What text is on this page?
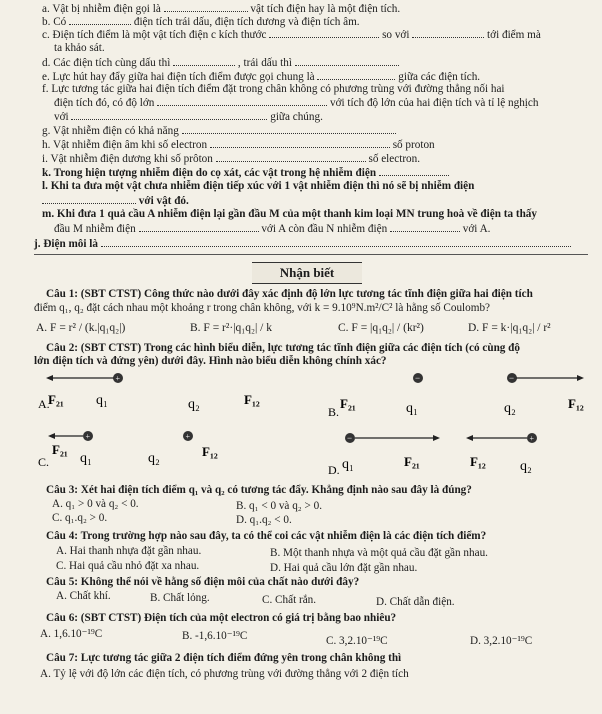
a. Vật bị nhiễm điện gọi là	vật tích điện hay là một điện tích.
b. Có	điện tích trái dấu, điện tích dương và điện tích âm.
c. Điện tích điểm là một vật tích điện c kích thước	so với	tới điểm mà
ta khảo sát.
d. Các điện tích cùng dấu thì	, trái dấu thì
e. Lực hút hay đẩy giữa hai điện tích điểm được gọi chung là	giữa các điện tích.
f. Lực tương tác giữa hai điện tích điểm đặt trong chân không có phương trùng với đường thẳng nối hai
điện tích đó, có độ lớn	với tích độ lớn của hai điện tích và tỉ lệ nghịch
với	giữa chúng.
g. Vật nhiễm điện có khả năng
h. Vật nhiễm điện âm khi số electron	số proton
i. Vật nhiễm điện dương khi số prôton	số electron.
k. Trong hiện tượng nhiễm điện do cọ xát, các vật trong hệ nhiễm điện
l. Khi ta đưa một vật chưa nhiễm điện tiếp xúc với 1 vật nhiễm điện thì nó sẽ bị nhiễm điện
với vật đó.
m. Khi đưa 1 quả cầu A nhiễm điện lại gần đầu M của một thanh kim loại MN trung hoà về điện ta thấy
đầu M nhiễm điện	với A còn đầu N nhiễm điện	với A.
j. Điện môi là
Nhận biết
Câu 1: (SBT CTST) Công thức nào dưới đây xác định độ lớn lực tương tác tĩnh điện giữa hai điện tích
điểm q₁, q₂ đặt cách nhau một khoảng r trong chân không, với k = 9.10⁹N.m²/C² là hằng số Coulomb?
A. F = r² / (k.|q₁q₂|)	B. F = r²·|q₁q₂| / k	C. F = |q₁q₂| / (kr²)	D. F = k·|q₁q₂| / r²
Câu 2: (SBT CTST) Trong các hình biểu diễn, lực tương tác tĩnh điện giữa các điện tích (có cùng độ
lớn điện tích và đứng yên) dưới đây. Hình nào biểu diễn không chính xác?
A.
+
F₂₁ q₁	q₂	F₁₂
B.
−	−
F₂₁	q₁	q₂	F₁₂
C.
+	+
F₂₁
q₁	q₂	F₁₂
D.
−	+
q₁	F₂₁	F₁₂ q₂
Câu 3: Xét hai điện tích điểm q₁ và q₂ có tương tác đẩy. Khẳng định nào sau đây là đúng?
A. q₁ > 0 và q₂ < 0.	B. q₁ < 0 và q₂ > 0.
C. q₁.q₂ > 0.	D. q₁.q₂ < 0.
Câu 4: Trong trường hợp nào sau đây, ta có thể coi các vật nhiễm điện là các điện tích điểm?
A. Hai thanh nhựa đặt gần nhau.	B. Một thanh nhựa và một quả cầu đặt gần nhau.
C. Hai quả cầu nhỏ đặt xa nhau.	D. Hai quả cầu lớn đặt gần nhau.
Câu 5: Không thể nói về hằng số điện môi của chất nào dưới đây?
A. Chất khí.	B. Chất lỏng.	C. Chất rắn.	D. Chất dẫn điện.
Câu 6: (SBT CTST) Điện tích của một electron có giá trị bằng bao nhiêu?
A. 1,6.10⁻¹⁹C	B. -1,6.10⁻¹⁹C	C. 3,2.10⁻¹⁹C	D. 3,2.10⁻¹⁹C
Câu 7: Lực tương tác giữa 2 điện tích điểm đứng yên trong chân không thì
A. Tỷ lệ với độ lớn các điện tích, có phương trùng với đường thẳng với 2 điện tích
